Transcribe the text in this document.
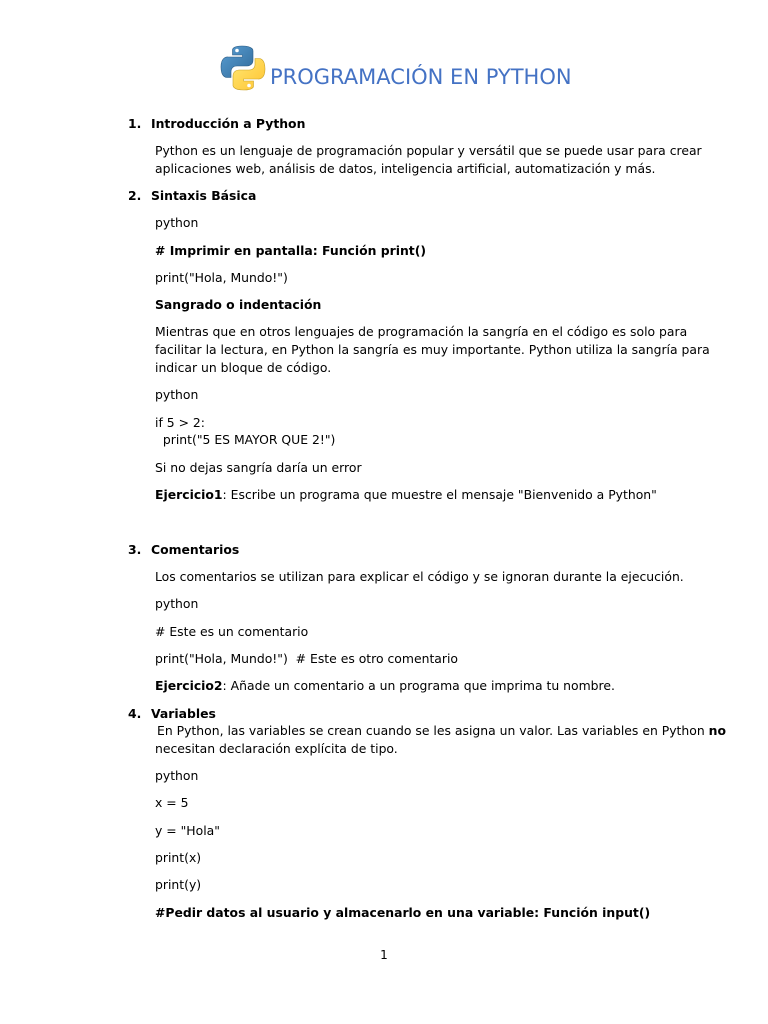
PROGRAMACIÓN EN PYTHON
1. Introducción a Python
Python es un lenguaje de programación popular y versátil que se puede usar para crear
aplicaciones web, análisis de datos, inteligencia artificial, automatización y más.
2. Sintaxis Básica
python
# Imprimir en pantalla: Función print()
print("Hola, Mundo!")
Sangrado o indentación
Mientras que en otros lenguajes de programación la sangría en el código es solo para
facilitar la lectura, en Python la sangría es muy importante. Python utiliza la sangría para
indicar un bloque de código.
python
if 5 > 2:
print("5 ES MAYOR QUE 2!")
Si no dejas sangría daría un error
Ejercicio1: Escribe un programa que muestre el mensaje "Bienvenido a Python"
3. Comentarios
Los comentarios se utilizan para explicar el código y se ignoran durante la ejecución.
python
# Este es un comentario
print("Hola, Mundo!")  # Este es otro comentario
Ejercicio2: Añade un comentario a un programa que imprima tu nombre.
4. Variables
En Python, las variables se crean cuando se les asigna un valor. Las variables en Python no
necesitan declaración explícita de tipo.
python
x = 5
y = "Hola"
print(x)
print(y)
#Pedir datos al usuario y almacenarlo en una variable: Función input()
1
